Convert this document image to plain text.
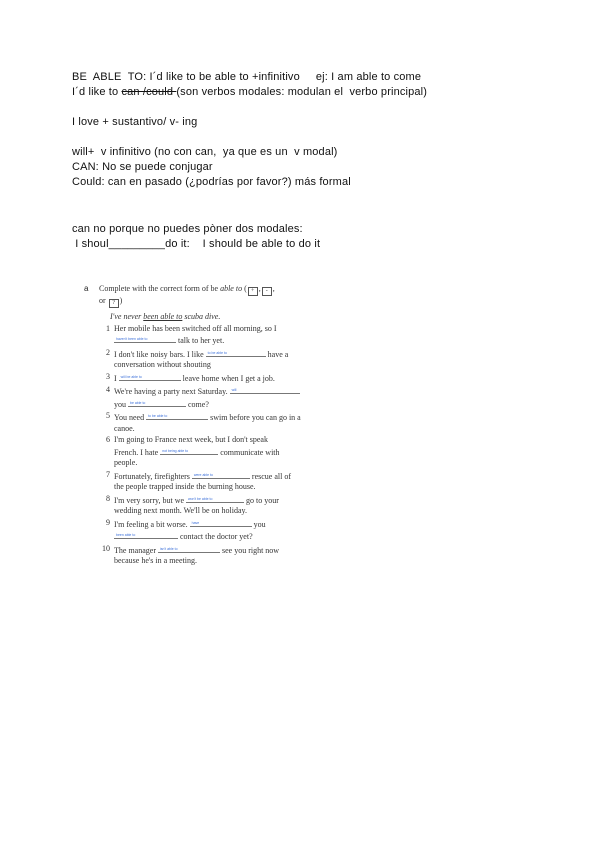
BE  ABLE  TO: I´d like to be able to +infinitivo     ej: I am able to come
I´d like to can /could (son verbos modales: modulan el  verbo principal)
I love + sustantivo/ v- ing
will+  v infinitivo (no con can,  ya que es un  v modal)
CAN: No se puede conjugar
Could: can en pasado (¿podrías por favor?) más formal
can no porque no puedes pòner dos modales:
I shoul_________do it:    I should be able to do it
a	Complete with the correct form of be able to ( + , - ,
or ? )
I've never been able to scuba dive.
1 Her mobile has been switched off all morning, so I

haven't been able to	talk to her yet.
2 I don't like noisy bars. I like to be able to	have a
conversation without shouting
3 I will be able to	leave home when I get a job.
4 We're having a party next Saturday. will

you be able to	come?
5 You need to be able to	swim before you can go in a
canoe.
6 I'm going to France next week, but I don't speak
French. I hate not being able to	communicate with
people.
7 Fortunately, firefighters were able to	rescue all of
the people trapped inside the burning house.
8 I'm very sorry, but we won't be able to	go to your
wedding next month. We'll be on holiday.
9 I'm feeling a bit worse. have	you

been able to	contact the doctor yet?
10 The manager isn't able to	see you right now
because he's in a meeting.
